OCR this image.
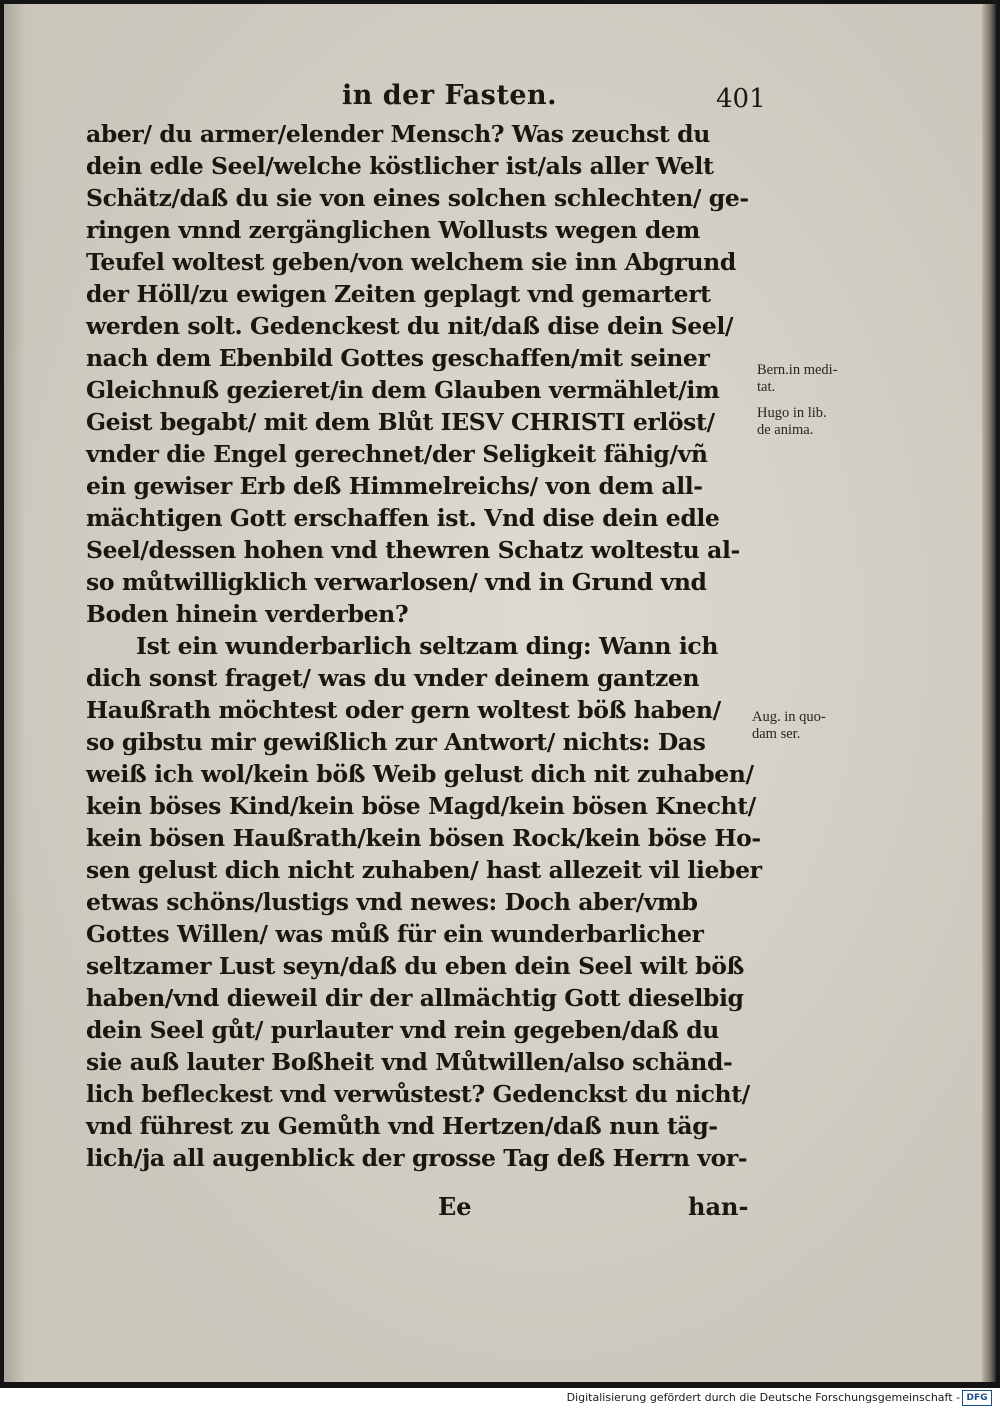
in der Fasten.	401
aber/ du armer/elender Mensch? Was zeuchst du
dein edle Seel/welche köstlicher ist/als aller Welt
Schätz/daß du sie von eines solchen schlechten/ ge-
ringen vnnd zergänglichen Wollusts wegen dem
Teufel woltest geben/von welchem sie inn Abgrund
der Höll/zu ewigen Zeiten geplagt vnd gemartert
werden solt. Gedenckest du nit/daß dise dein Seel/
nach dem Ebenbild Gottes geschaffen/mit seiner
Gleichnuß gezieret/in dem Glauben vermählet/im
Geist begabt/ mit dem Blůt IESV CHRISTI erlöst/
vnder die Engel gerechnet/der Seligkeit fähig/vñ
ein gewiser Erb deß Himmelreichs/ von dem all-
mächtigen Gott erschaffen ist. Vnd dise dein edle
Seel/dessen hohen vnd thewren Schatz woltestu al-
so můtwilligklich verwarlosen/ vnd in Grund vnd
Boden hinein verderben?
Ist ein wunderbarlich seltzam ding: Wann ich
dich sonst fraget/ was du vnder deinem gantzen
Haußrath möchtest oder gern woltest böß haben/
so gibstu mir gewißlich zur Antwort/ nichts: Das
weiß ich wol/kein böß Weib gelust dich nit zuhaben/
kein böses Kind/kein böse Magd/kein bösen Knecht/
kein bösen Haußrath/kein bösen Rock/kein böse Ho-
sen gelust dich nicht zuhaben/ hast allezeit vil lieber
etwas schöns/lustigs vnd newes: Doch aber/vmb
Gottes Willen/ was můß für ein wunderbarlicher
seltzamer Lust seyn/daß du eben dein Seel wilt böß
haben/vnd dieweil dir der allmächtig Gott dieselbig
dein Seel gůt/ purlauter vnd rein gegeben/daß du
sie auß lauter Boßheit vnd Můtwillen/also schänd-
lich befleckest vnd verwůstest? Gedenckst du nicht/
vnd führest zu Gemůth vnd Hertzen/daß nun täg-
lich/ja all augenblick der grosse Tag deß Herrn vor-
Bern.in medi-
tat.
Hugo in lib.
de anima.
Aug. in quo-
dam ser.
Ee	han-
Digitalisierung gefördert durch die Deutsche Forschungsgemeinschaft - DFG
